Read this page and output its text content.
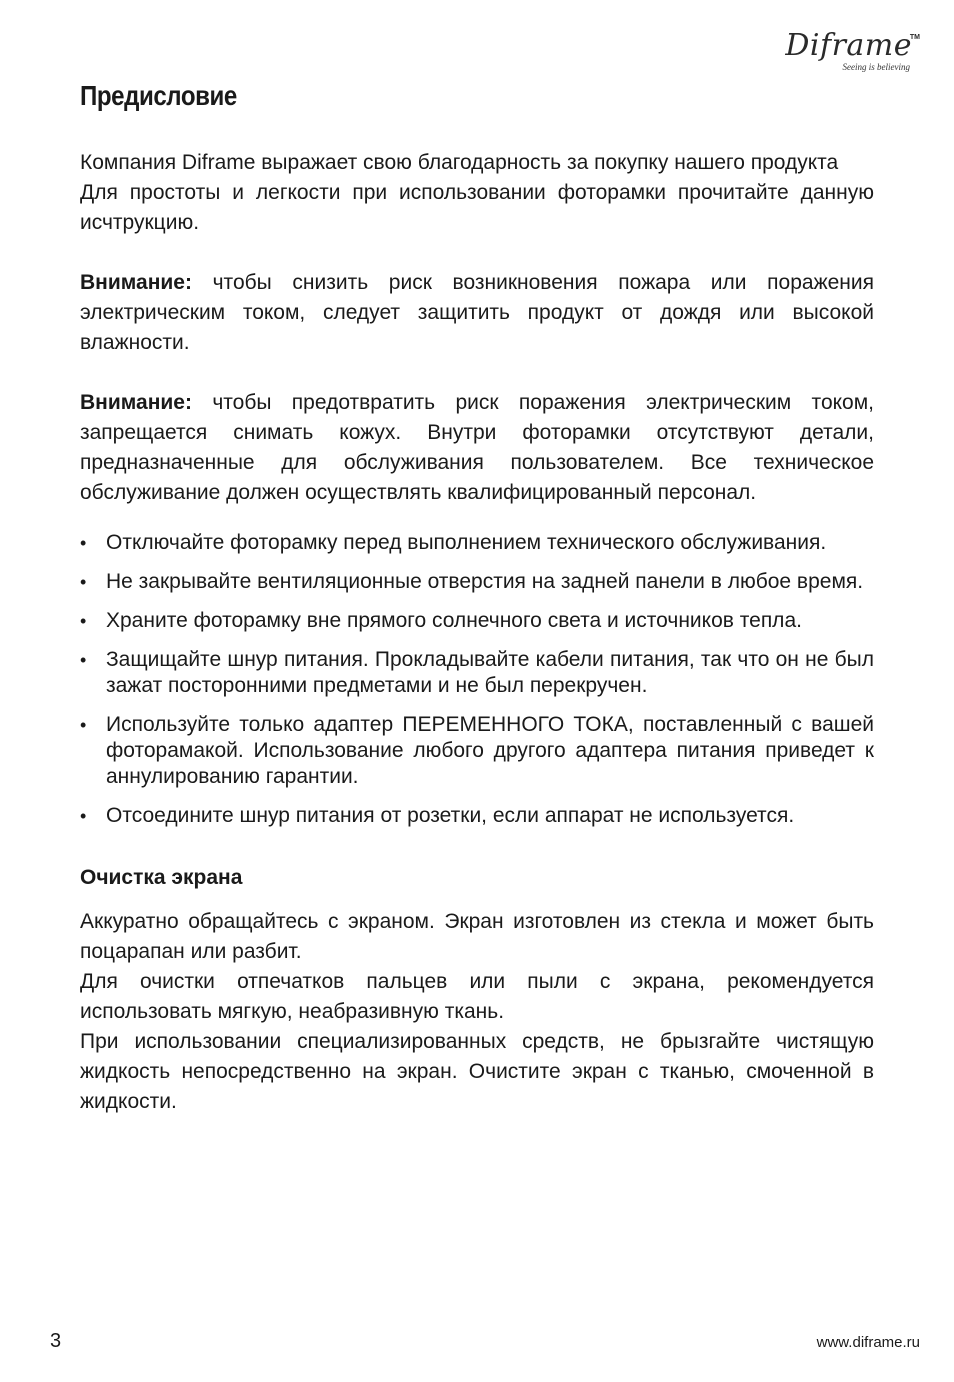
Diframe
TM
Seeing is believing
Предисловие

Компания Diframe выражает свою благодарность за покупку нашего продукта

Для простоты и легкости при использовании фоторамки прочитайте данную исчтрукцию.

Внимание: чтобы снизить риск возникновения пожара или поражения электрическим током, следует защитить продукт от дождя или высокой влажности.

Внимание: чтобы предотвратить риск поражения электрическим током, запрещается снимать кожух. Внутри фоторамки отсутствуют детали, предназначенные для обслуживания пользователем. Все техническое обслуживание должен осуществлять квалифицированный персонал.

• Отключайте фоторамку перед выполнением технического обслуживания.
• Не закрывайте вентиляционные отверстия на задней панели в любое время.
• Храните фоторамку вне прямого солнечного света и источников тепла.
• Защищайте шнур питания. Прокладывайте кабели питания, так что он не был зажат посторонними предметами и не был перекручен.
• Используйте только адаптер ПЕРЕМЕННОГО ТОКА, поставленный с вашей фоторамакой. Использование любого другого адаптера питания приведет к аннулированию гарантии.
• Отсоедините шнур питания от розетки, если аппарат не используется.
Очистка экрана

Аккуратно обращайтесь с экраном. Экран изготовлен из стекла и может быть поцарапан или разбит.

Для очистки отпечатков пальцев или пыли с экрана, рекомендуется использовать мягкую, неабразивную ткань.

При использовании специализированных средств, не брызгайте чистящую жидкость непосредственно на экран. Очистите экран с тканью, смоченной в жидкости.

3	www.diframe.ru
